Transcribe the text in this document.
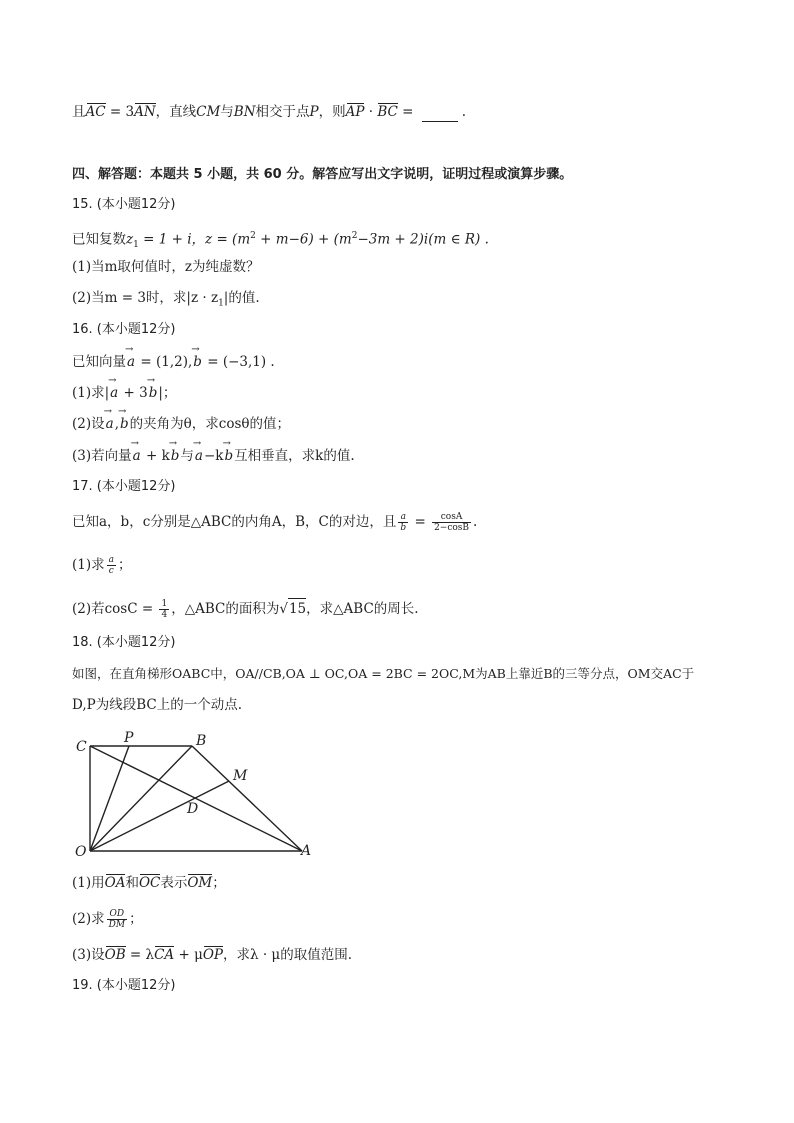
且AC = 3AN，直线CM与BN相交于点P，则AP · BC =	.
四、解答题：本题共 5 小题，共 60 分。解答应写出文字说明，证明过程或演算步骤。
15. (本小题12分)
已知复数$z_1 = 1 + i$，$z = (m^2 + m-6) + (m^2-3m + 2)i(m$ ∈ R) .
(1)当m取何值时，z为纯虚数？
(2)当m = 3时，求$|z \cdot z_1|$的值.
16. (本小题12分)
已知向量→ a = (1,2),→ b = (−3,1) .
(1)求|→ a + 3→ b|；
(2)设→ a,→ b的夹角为θ，求cosθ的值；
(3)若向量→ a + k→ b与→ a−k→ b互相垂直，求k的值.
17. (本小题12分)
已知a，b，c分别是△ABC的内角A，B，C的对边，且 $\frac{a}{b} = \frac{\cos A}{2-\cos B}$ .
(1)求 $\frac{a}{c}$ ；
(2)若$\cos C = \frac{1}{4}$ ，△ABC的面积为√15，求△ABC的周长.
18. (本小题12分)
如图，在直角梯形OABC中，OA//CB,OA ⊥ OC,OA = 2BC = 2OC,M为AB上靠近B的三等分点，OM交AC于
D,P为线段BC上的一个动点.
C
P	B
M
D
O	A
(1)用OA和OC表示OM；
(2)求 $\frac{OD}{DM}$ ；
(3)设OB = λCA + μOP，求λ · μ的取值范围.
19. (本小题12分)
